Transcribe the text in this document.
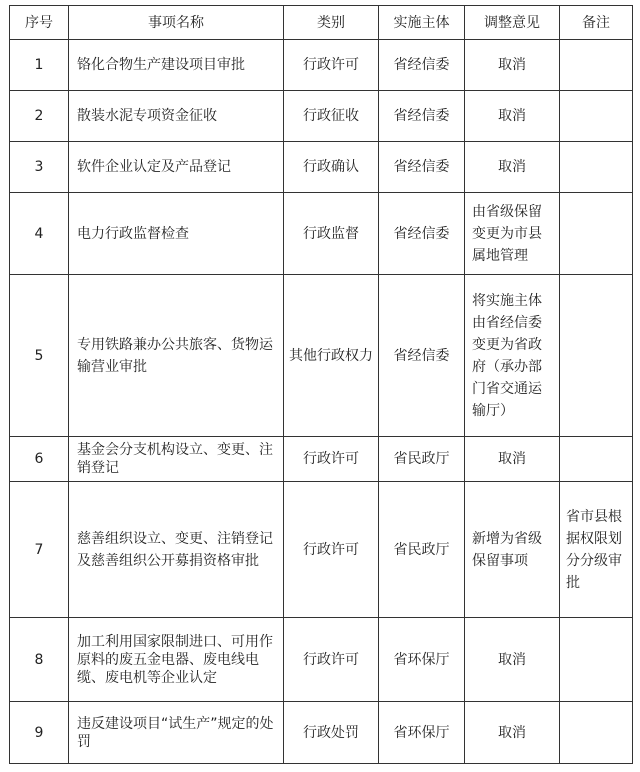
序号	事项名称	类别	实施主体	调整意见	备注
1	铬化合物生产建设项目审批	行政许可	省经信委	取消	
2	散装水泥专项资金征收	行政征收	省经信委	取消	
3	软件企业认定及产品登记	行政确认	省经信委	取消	
4	电力行政监督检查	行政监督	省经信委	由省级保留变更为市县属地管理	
5	专用铁路兼办公共旅客、货物运输营业审批	其他行政权力	省经信委	将实施主体由省经信委变更为省政府（承办部门省交通运输厅）	
6	基金会分支机构设立、变更、注销登记	行政许可	省民政厅	取消	
7	慈善组织设立、变更、注销登记及慈善组织公开募捐资格审批	行政许可	省民政厅	新增为省级保留事项	省市县根据权限划分分级审批
8	加工利用国家限制进口、可用作原料的废五金电器、废电线电缆、废电机等企业认定	行政许可	省环保厅	取消	
9	违反建设项目“试生产”规定的处罚	行政处罚	省环保厅	取消	
